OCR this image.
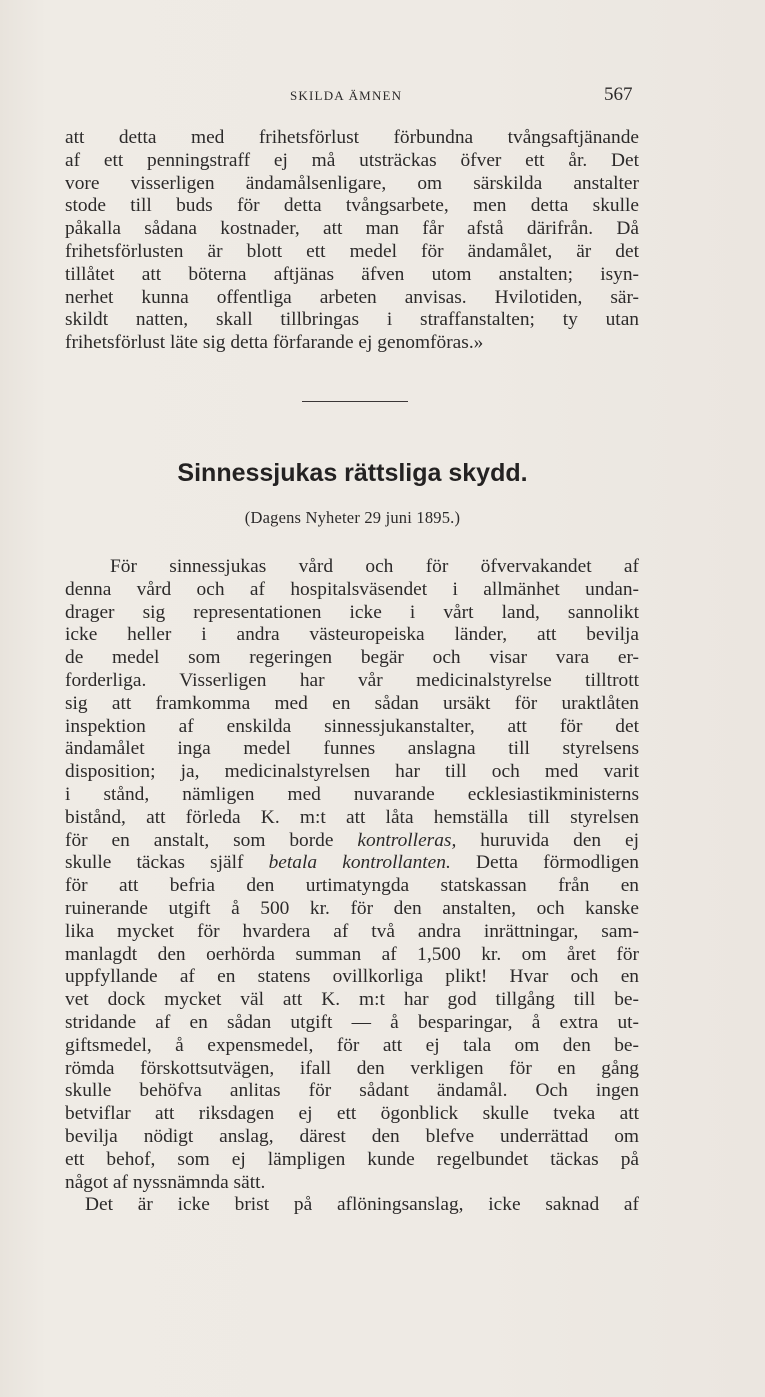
SKILDA ÄMNEN	567
att detta med frihetsförlust förbundna tvångsaftjänande
af ett penningstraff ej må utsträckas öfver ett år. Det
vore visserligen ändamålsenligare, om särskilda anstalter
stode till buds för detta tvångsarbete, men detta skulle
påkalla sådana kostnader, att man får afstå därifrån. Då
frihetsförlusten är blott ett medel för ändamålet, är det
tillåtet att böterna aftjänas äfven utom anstalten; isyn-
nerhet kunna offentliga arbeten anvisas. Hvilotiden, sär-
skildt natten, skall tillbringas i straffanstalten; ty utan
frihetsförlust läte sig detta förfarande ej genomföras.»
Sinnessjukas rättsliga skydd.
(Dagens Nyheter 29 juni 1895.)
För sinnessjukas vård och för öfvervakandet af
denna vård och af hospitalsväsendet i allmänhet undan-
drager sig representationen icke i vårt land, sannolikt
icke heller i andra västeuropeiska länder, att bevilja
de medel som regeringen begär och visar vara er-
forderliga. Visserligen har vår medicinalstyrelse tilltrott
sig att framkomma med en sådan ursäkt för uraktlåten
inspektion af enskilda sinnessjukanstalter, att för det
ändamålet inga medel funnes anslagna till styrelsens
disposition; ja, medicinalstyrelsen har till och med varit
i stånd, nämligen med nuvarande ecklesiastikministerns
bistånd, att förleda K. m:t att låta hemställa till styrelsen
för en anstalt, som borde kontrolleras, huruvida den ej
skulle täckas själf betala kontrollanten. Detta förmodligen
för att befria den urtimatyngda statskassan från en
ruinerande utgift å 500 kr. för den anstalten, och kanske
lika mycket för hvardera af två andra inrättningar, sam-
manlagdt den oerhörda summan af 1,500 kr. om året för
uppfyllande af en statens ovillkorliga plikt! Hvar och en
vet dock mycket väl att K. m:t har god tillgång till be-
stridande af en sådan utgift — å besparingar, å extra ut-
giftsmedel, å expensmedel, för att ej tala om den be-
römda förskottsutvägen, ifall den verkligen för en gång
skulle behöfva anlitas för sådant ändamål. Och ingen
betviflar att riksdagen ej ett ögonblick skulle tveka att
bevilja nödigt anslag, därest den blefve underrättad om
ett behof, som ej lämpligen kunde regelbundet täckas på
något af nyssnämnda sätt.
Det är icke brist på aflöningsanslag, icke saknad af
